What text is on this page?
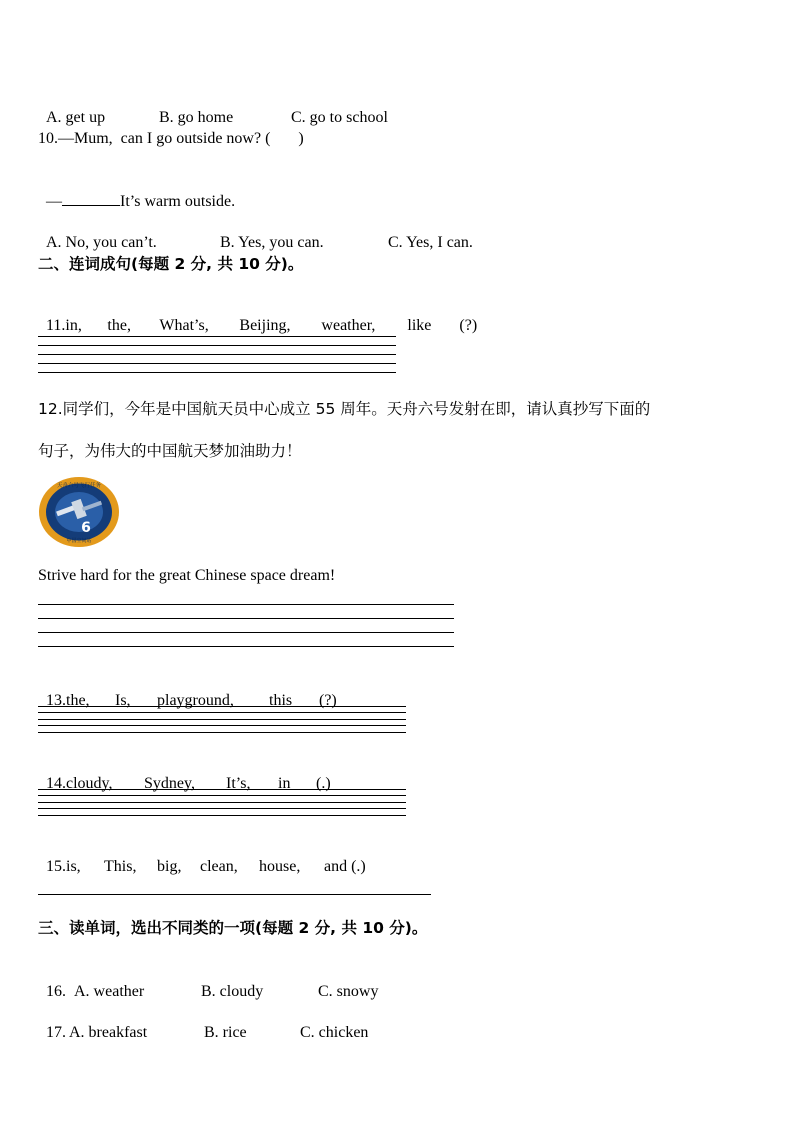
A. get up	B. go home	C. go to school

10.—Mum,  can I go outside now? (       )

—	It’s warm outside.

A. No, you can’t.	B. Yes, you can.	C. Yes, I can.

二、连词成句(每题 2 分, 共 10 分)。

11.in, the, What’s, Beijing, weather, like (?)

12.同学们，今年是中国航天员中心成立 55 周年。天舟六号发射在即，请认真抄写下面的
句子，为伟大的中国航天梦加油助力！
天舟六号飞行任务
6
中国空间站
Strive hard for the great Chinese space dream!

13.the, Is, playground, this (?)

14.cloudy, Sydney, It’s, in (.)

15.is, This, big, clean, house, and (.)

三、读单词，选出不同类的一项(每题 2 分, 共 10 分)。

16. A. weather	B. cloudy	C. snowy

17. A. breakfast	B. rice	C. chicken
